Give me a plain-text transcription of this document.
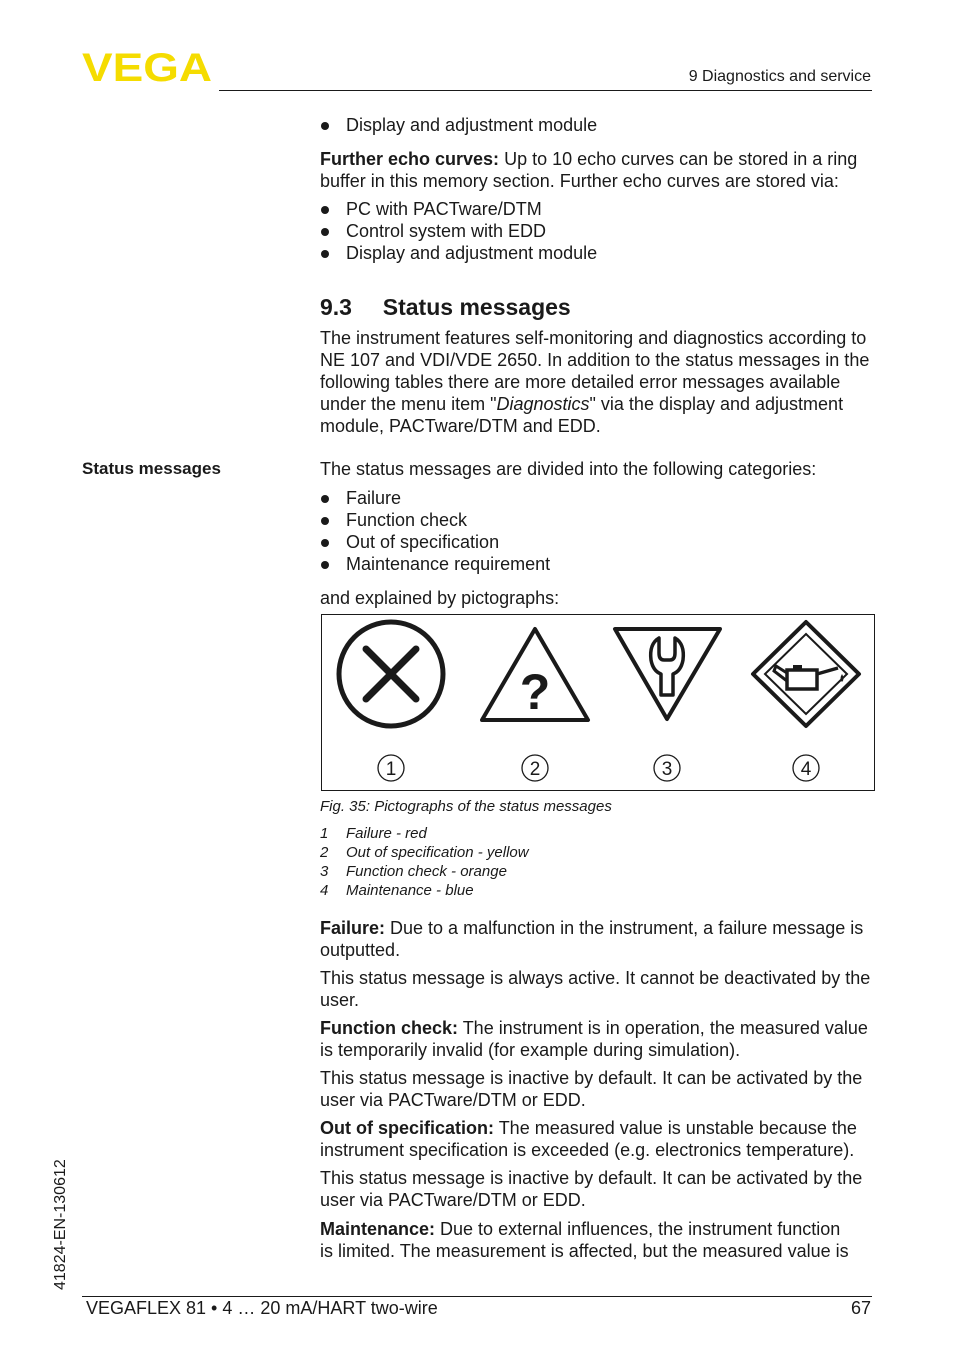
VEGA	9 Diagnostics and service
Display and adjustment module

Further echo curves: Up to 10 echo curves can be stored in a ring buffer in this memory section. Further echo curves are stored via:

PC with PACTware/DTM
Control system with EDD
Display and adjustment module
9.3 Status messages

The instrument features self-monitoring and diagnostics according to NE 107 and VDI/VDE 2650. In addition to the status messages in the following tables there are more detailed error messages available under the menu item "Diagnostics" via the display and adjustment module, PACTware/DTM and EDD.

Status messages	The status messages are divided into the following categories:

Failure
Function check
Out of specification
Maintenance requirement

and explained by pictographs:

?
1	2	3	4
Fig. 35: Pictographs of the status messages
1 Failure - red
2 Out of specification - yellow
3 Function check - orange
4 Maintenance - blue

Failure: Due to a malfunction in the instrument, a failure message is outputted.

This status message is always active. It cannot be deactivated by the user.

Function check: The instrument is in operation, the measured value is temporarily invalid (for example during simulation).

This status message is inactive by default. It can be activated by the user via PACTware/DTM or EDD.

Out of specification: The measured value is unstable because the instrument specification is exceeded (e.g. electronics temperature).

This status message is inactive by default. It can be activated by the user via PACTware/DTM or EDD.

Maintenance: Due to external influences, the instrument function is limited. The measurement is affected, but the measured value is

41824-EN-130612
VEGAFLEX 81 • 4 … 20 mA/HART two-wire	67
